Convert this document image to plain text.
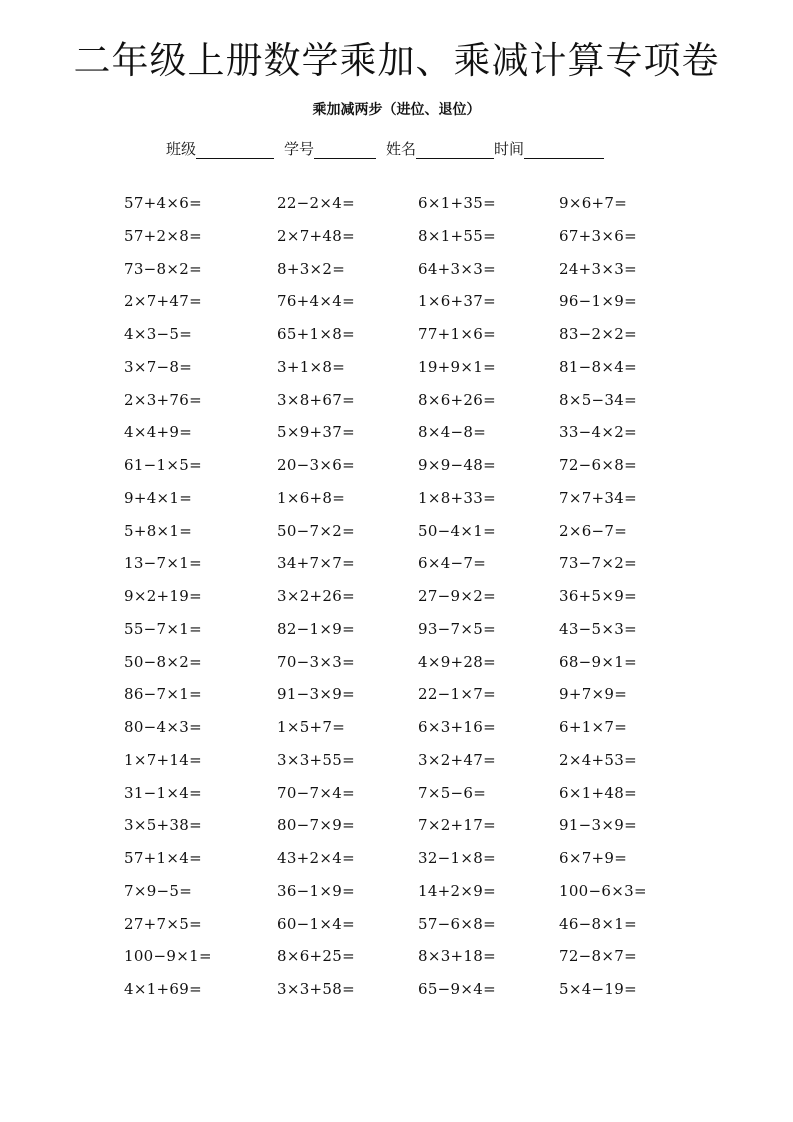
二年级上册数学乘加、乘减计算专项卷
乘加减两步（进位、退位）
班级	学号	姓名	时间
57+4×6=	22−2×4=	6×1+35=	9×6+7=
57+2×8=	2×7+48=	8×1+55=	67+3×6=
73−8×2=	8+3×2=	64+3×3=	24+3×3=
2×7+47=	76+4×4=	1×6+37=	96−1×9=
4×3−5=	65+1×8=	77+1×6=	83−2×2=
3×7−8=	3+1×8=	19+9×1=	81−8×4=
2×3+76=	3×8+67=	8×6+26=	8×5−34=
4×4+9=	5×9+37=	8×4−8=	33−4×2=
61−1×5=	20−3×6=	9×9−48=	72−6×8=
9+4×1=	1×6+8=	1×8+33=	7×7+34=
5+8×1=	50−7×2=	50−4×1=	2×6−7=
13−7×1=	34+7×7=	6×4−7=	73−7×2=
9×2+19=	3×2+26=	27−9×2=	36+5×9=
55−7×1=	82−1×9=	93−7×5=	43−5×3=
50−8×2=	70−3×3=	4×9+28=	68−9×1=
86−7×1=	91−3×9=	22−1×7=	9+7×9=
80−4×3=	1×5+7=	6×3+16=	6+1×7=
1×7+14=	3×3+55=	3×2+47=	2×4+53=
31−1×4=	70−7×4=	7×5−6=	6×1+48=
3×5+38=	80−7×9=	7×2+17=	91−3×9=
57+1×4=	43+2×4=	32−1×8=	6×7+9=
7×9−5=	36−1×9=	14+2×9=	100−6×3=
27+7×5=	60−1×4=	57−6×8=	46−8×1=
100−9×1=	8×6+25=	8×3+18=	72−8×7=
4×1+69=	3×3+58=	65−9×4=	5×4−19=
